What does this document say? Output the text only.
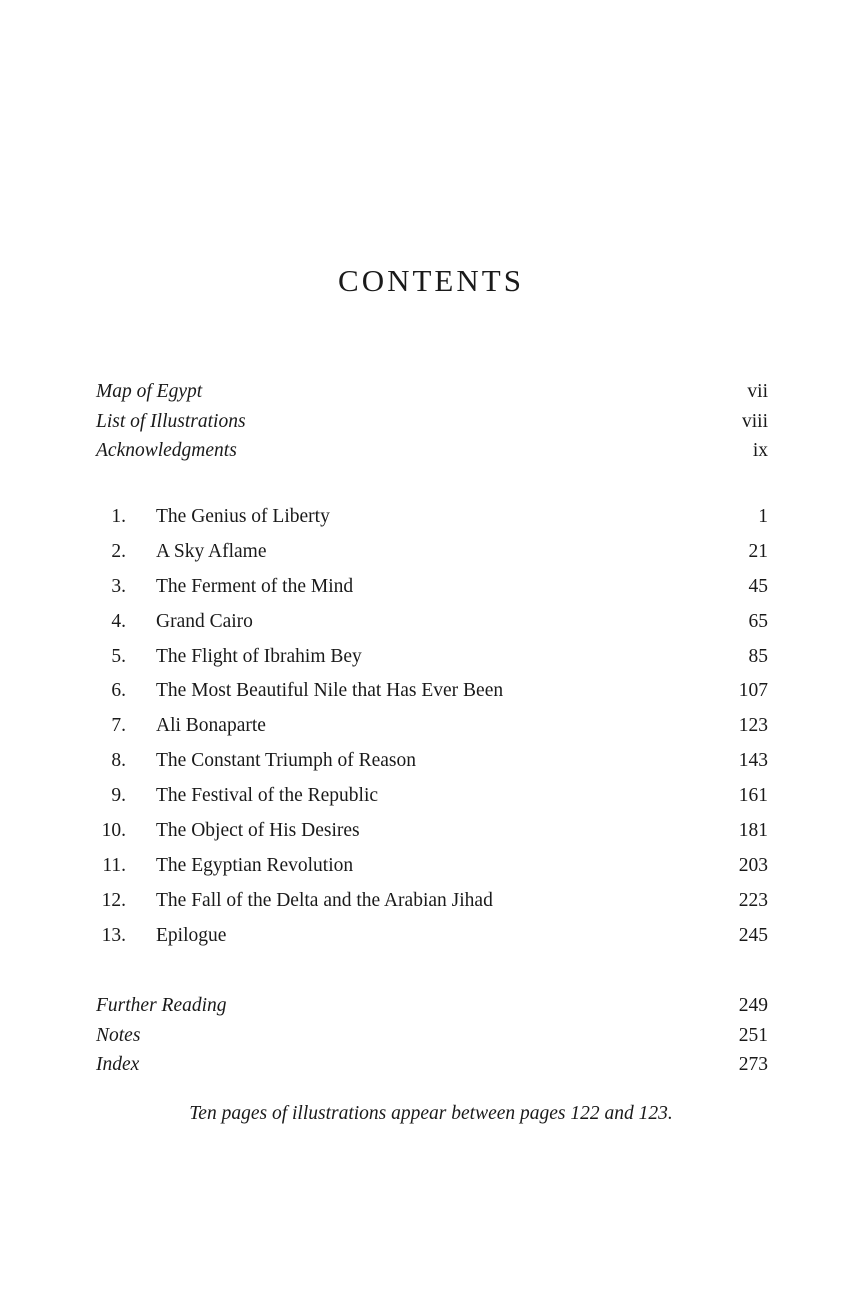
CONTENTS
Map of Egypt	vii
List of Illustrations	viii
Acknowledgments	ix
1. The Genius of Liberty	1
2. A Sky Aflame	21
3. The Ferment of the Mind	45
4. Grand Cairo	65
5. The Flight of Ibrahim Bey	85
6. The Most Beautiful Nile that Has Ever Been	107
7. Ali Bonaparte	123
8. The Constant Triumph of Reason	143
9. The Festival of the Republic	161
10. The Object of His Desires	181
11. The Egyptian Revolution	203
12. The Fall of the Delta and the Arabian Jihad	223
13. Epilogue	245
Further Reading	249
Notes	251
Index	273
Ten pages of illustrations appear between pages 122 and 123.
